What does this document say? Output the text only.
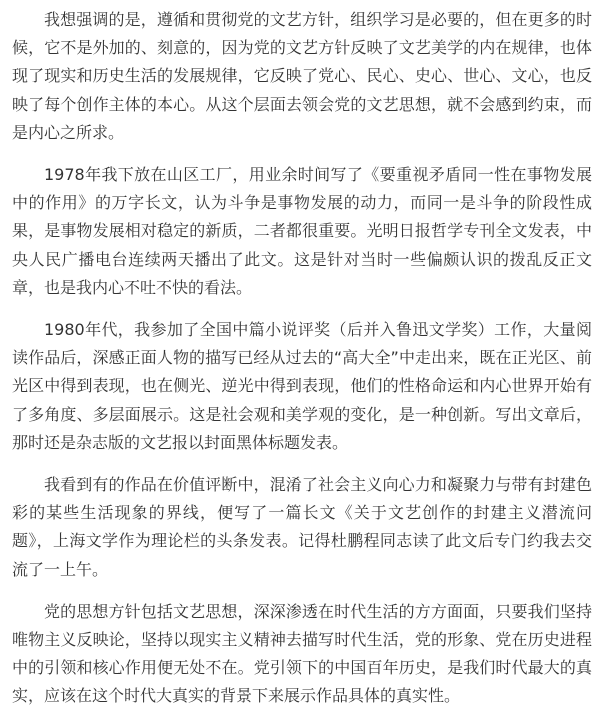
我想强调的是，遵循和贯彻党的文艺方针，组织学习是必要的，但在更多的时候，它不是外加的、刻意的，因为党的文艺方针反映了文艺美学的内在规律，也体现了现实和历史生活的发展规律，它反映了党心、民心、史心、世心、文心，也反映了每个创作主体的本心。从这个层面去领会党的文艺思想，就不会感到约束，而是内心之所求。

1978年我下放在山区工厂，用业余时间写了《要重视矛盾同一性在事物发展中的作用》的万字长文，认为斗争是事物发展的动力，而同一是斗争的阶段性成果，是事物发展相对稳定的新质，二者都很重要。光明日报哲学专刊全文发表，中央人民广播电台连续两天播出了此文。这是针对当时一些偏颇认识的拨乱反正文章，也是我内心不吐不快的看法。

1980年代，我参加了全国中篇小说评奖（后并入鲁迅文学奖）工作，大量阅读作品后，深感正面人物的描写已经从过去的“高大全”中走出来，既在正光区、前光区中得到表现，也在侧光、逆光中得到表现，他们的性格命运和内心世界开始有了多角度、多层面展示。这是社会观和美学观的变化，是一种创新。写出文章后，那时还是杂志版的文艺报以封面黑体标题发表。

我看到有的作品在价值评断中，混淆了社会主义向心力和凝聚力与带有封建色彩的某些生活现象的界线，便写了一篇长文《关于文艺创作的封建主义潜流问题》，上海文学作为理论栏的头条发表。记得杜鹏程同志读了此文后专门约我去交流了一上午。

党的思想方针包括文艺思想，深深渗透在时代生活的方方面面，只要我们坚持唯物主义反映论，坚持以现实主义精神去描写时代生活，党的形象、党在历史进程中的引领和核心作用便无处不在。党引领下的中国百年历史，是我们时代最大的真实，应该在这个时代大真实的背景下来展示作品具体的真实性。
